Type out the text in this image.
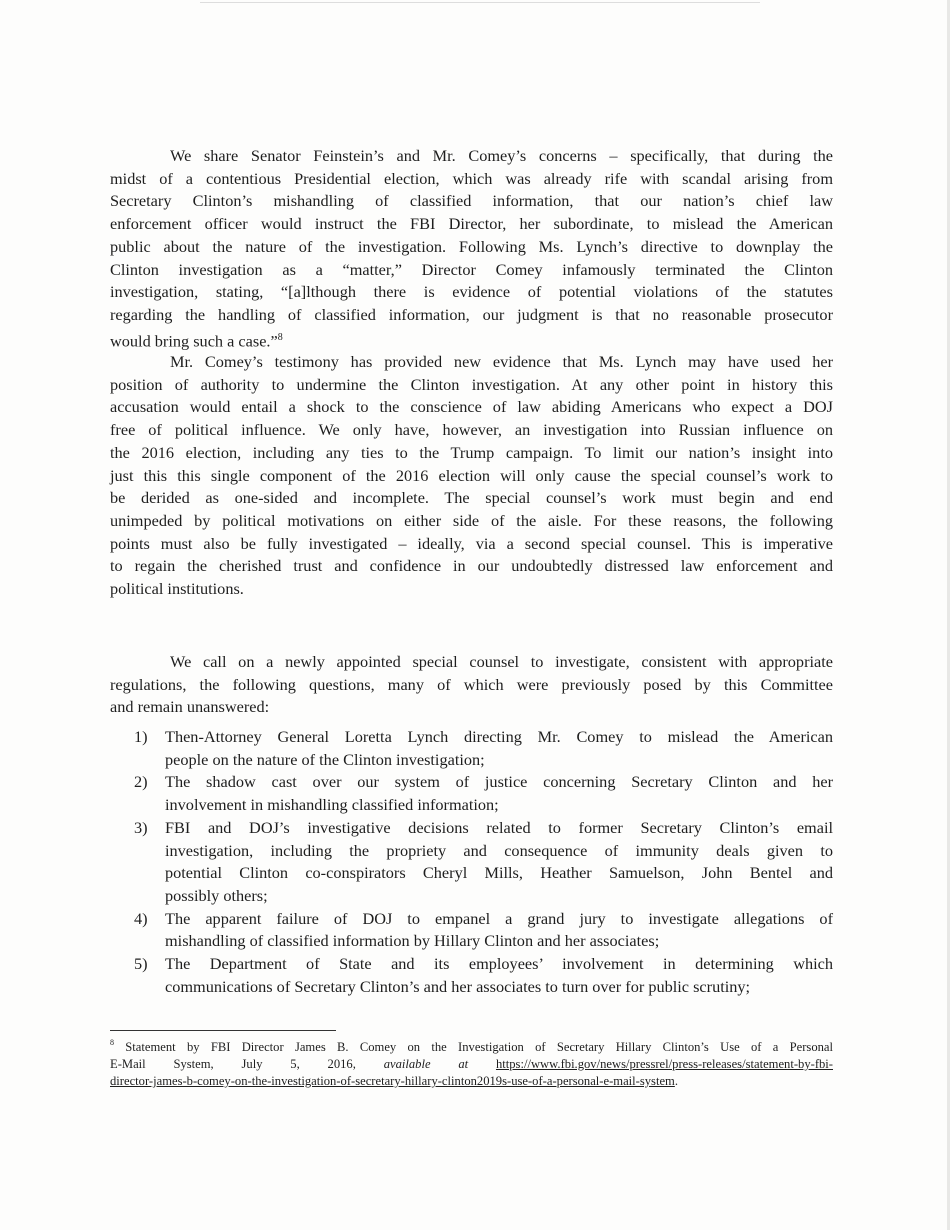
We share Senator Feinstein’s and Mr. Comey’s concerns – specifically, that during the
midst of a contentious Presidential election, which was already rife with scandal arising from
Secretary Clinton’s mishandling of classified information, that our nation’s chief law
enforcement officer would instruct the FBI Director, her subordinate, to mislead the American
public about the nature of the investigation. Following Ms. Lynch’s directive to downplay the
Clinton investigation as a “matter,” Director Comey infamously terminated the Clinton
investigation, stating, “[a]lthough there is evidence of potential violations of the statutes
regarding the handling of classified information, our judgment is that no reasonable prosecutor
would bring such a case.”$^8$
Mr. Comey’s testimony has provided new evidence that Ms. Lynch may have used her
position of authority to undermine the Clinton investigation. At any other point in history this
accusation would entail a shock to the conscience of law abiding Americans who expect a DOJ
free of political influence. We only have, however, an investigation into Russian influence on
the 2016 election, including any ties to the Trump campaign. To limit our nation’s insight into
just this this single component of the 2016 election will only cause the special counsel’s work to
be derided as one-sided and incomplete. The special counsel’s work must begin and end
unimpeded by political motivations on either side of the aisle. For these reasons, the following
points must also be fully investigated – ideally, via a second special counsel. This is imperative
to regain the cherished trust and confidence in our undoubtedly distressed law enforcement and
political institutions.
We call on a newly appointed special counsel to investigate, consistent with appropriate
regulations, the following questions, many of which were previously posed by this Committee
and remain unanswered:
1) Then-Attorney General Loretta Lynch directing Mr. Comey to mislead the American
people on the nature of the Clinton investigation;
2) The shadow cast over our system of justice concerning Secretary Clinton and her
involvement in mishandling classified information;
3) FBI and DOJ’s investigative decisions related to former Secretary Clinton’s email
investigation, including the propriety and consequence of immunity deals given to
potential Clinton co-conspirators Cheryl Mills, Heather Samuelson, John Bentel and
possibly others;
4) The apparent failure of DOJ to empanel a grand jury to investigate allegations of
mishandling of classified information by Hillary Clinton and her associates;
5) The Department of State and its employees’ involvement in determining which
communications of Secretary Clinton’s and her associates to turn over for public scrutiny;
$^8$ Statement by FBI Director James B. Comey on the Investigation of Secretary Hillary Clinton’s Use of a Personal
E-Mail System, July 5, 2016, available at https://www.fbi.gov/news/pressrel/press-releases/statement-by-fbi-
director-james-b-comey-on-the-investigation-of-secretary-hillary-clinton2019s-use-of-a-personal-e-mail-system.
